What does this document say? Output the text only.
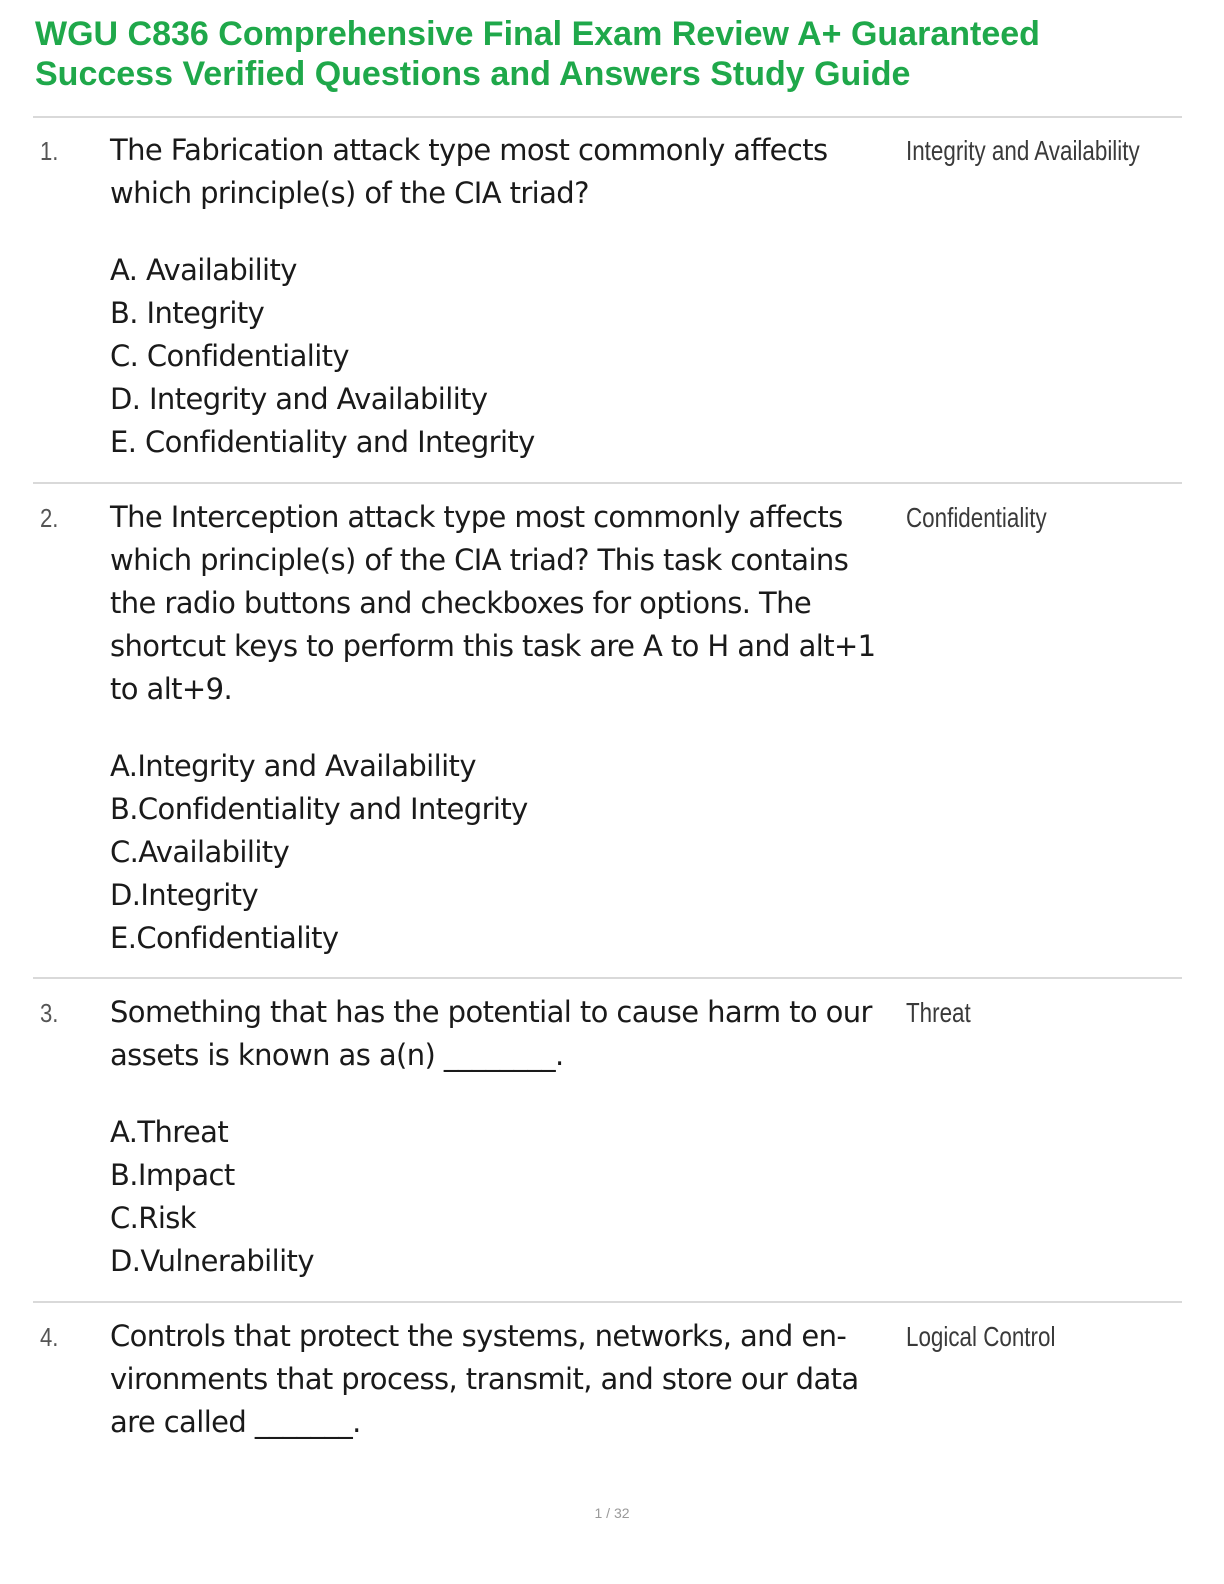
WGU C836 Comprehensive Final Exam Review A+ Guaranteed
Success Verified Questions and Answers Study Guide
1. The Fabrication attack type most commonly affects which principle(s) of the CIA triad?
Integrity and Availability
A. Availability
B. Integrity
C. Confidentiality
D. Integrity and Availability
E. Confidentiality and Integrity
2. The Interception attack type most commonly affects which principle(s) of the CIA triad? This task contains the radio buttons and checkboxes for options. The shortcut keys to perform this task are A to H and alt+1 to alt+9.
Confidentiality
A.Integrity and Availability
B.Confidentiality and Integrity
C.Availability
D.Integrity
E.Confidentiality
3. Something that has the potential to cause harm to our assets is known as a(n) ________.
Threat
A.Threat
B.Impact
C.Risk
D.Vulnerability
4. Controls that protect the systems, networks, and en- vironments that process, transmit, and store our data are called _______.
Logical Control
1 / 32
